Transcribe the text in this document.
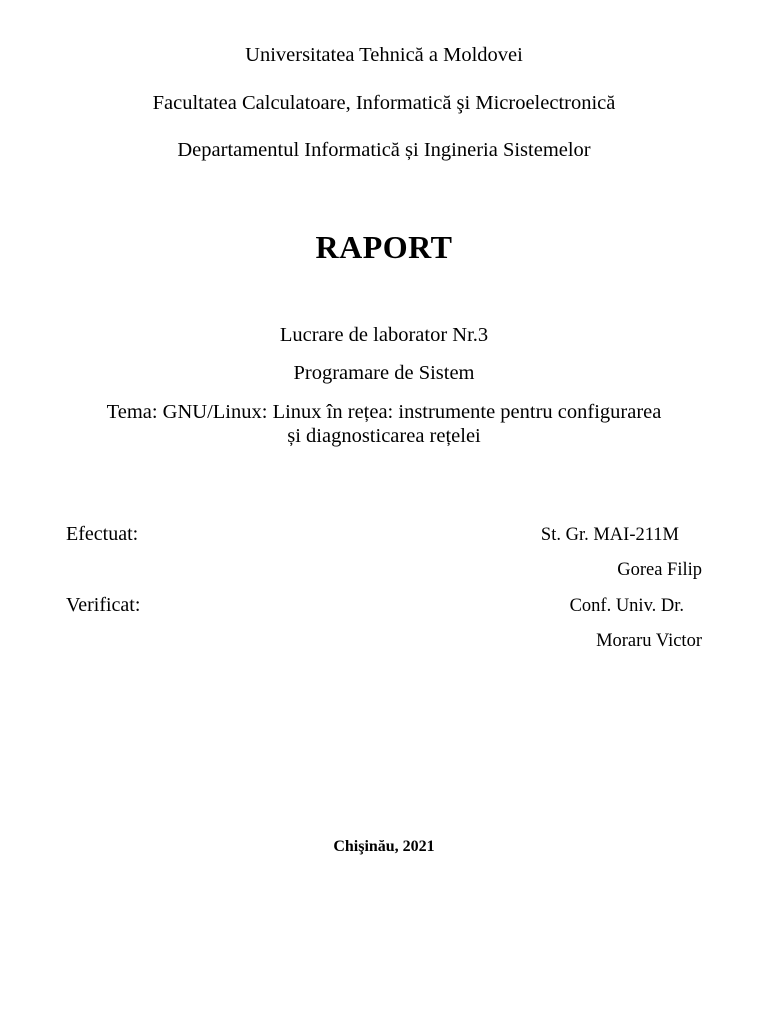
Universitatea Tehnică a Moldovei
Facultatea Calculatoare, Informatică şi Microelectronică
Departamentul Informatică și Ingineria Sistemelor
RAPORT
Lucrare de laborator Nr.3
Programare de Sistem
Tema: GNU/Linux: Linux în rețea: instrumente pentru configurarea
și diagnosticarea rețelei
Efectuat:	St. Gr. MAI-211M
Gorea Filip
Verificat:	Conf. Univ. Dr.
Moraru Victor
Chişinău, 2021
